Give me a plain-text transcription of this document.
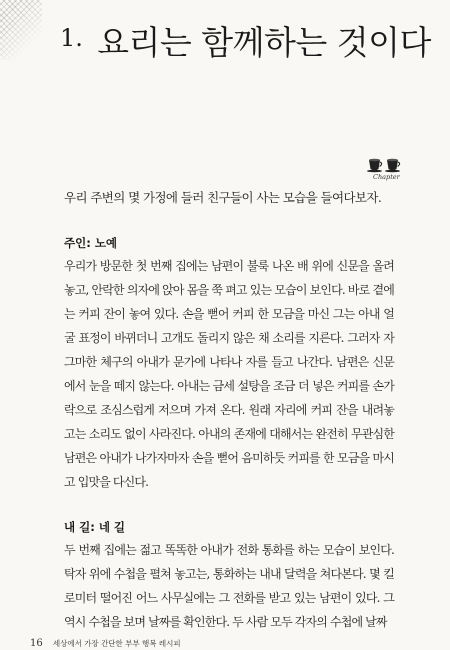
$^{1.}$ 요리는 함께하는 것이다
Chapter

우리 주변의 몇 가정에 들러 친구들이 사는 모습을 들여다보자.

주인: 노예

우리가 방문한 첫 번째 집에는 남편이 불룩 나온 배 위에 신문을 올려 놓고, 안락한 의자에 앉아 몸을 쭉 펴고 있는 모습이 보인다. 바로 곁에 는 커피 잔이 놓여 있다. 손을 뻗어 커피 한 모금을 마신 그는 아내 얼 굴 표정이 바뀌더니 고개도 돌리지 않은 채 소리를 지른다. 그러자 자 그마한 체구의 아내가 문가에 나타나 자를 들고 나간다. 남편은 신문 에서 눈을 떼지 않는다. 아내는 금세 설탕을 조금 더 넣은 커피를 손가 락으로 조심스럽게 저으며 가져 온다. 원래 자리에 커피 잔을 내려놓 고는 소리도 없이 사라진다. 아내의 존재에 대해서는 완전히 무관심한 남편은 아내가 나가자마자 손을 뻗어 음미하듯 커피를 한 모금을 마시 고 입맛을 다신다.

내 길: 네 길

두 번째 집에는 젊고 똑똑한 아내가 전화 통화를 하는 모습이 보인다. 탁자 위에 수첩을 펼쳐 놓고는, 통화하는 내내 달력을 쳐다본다. 몇 킬 로미터 떨어진 어느 사무실에는 그 전화를 받고 있는 남편이 있다. 그 역시 수첩을 보며 날짜를 확인한다. 두 사람 모두 각자의 수첩에 날짜

16 세상에서 가장 간단한 부부 행복 레시피
